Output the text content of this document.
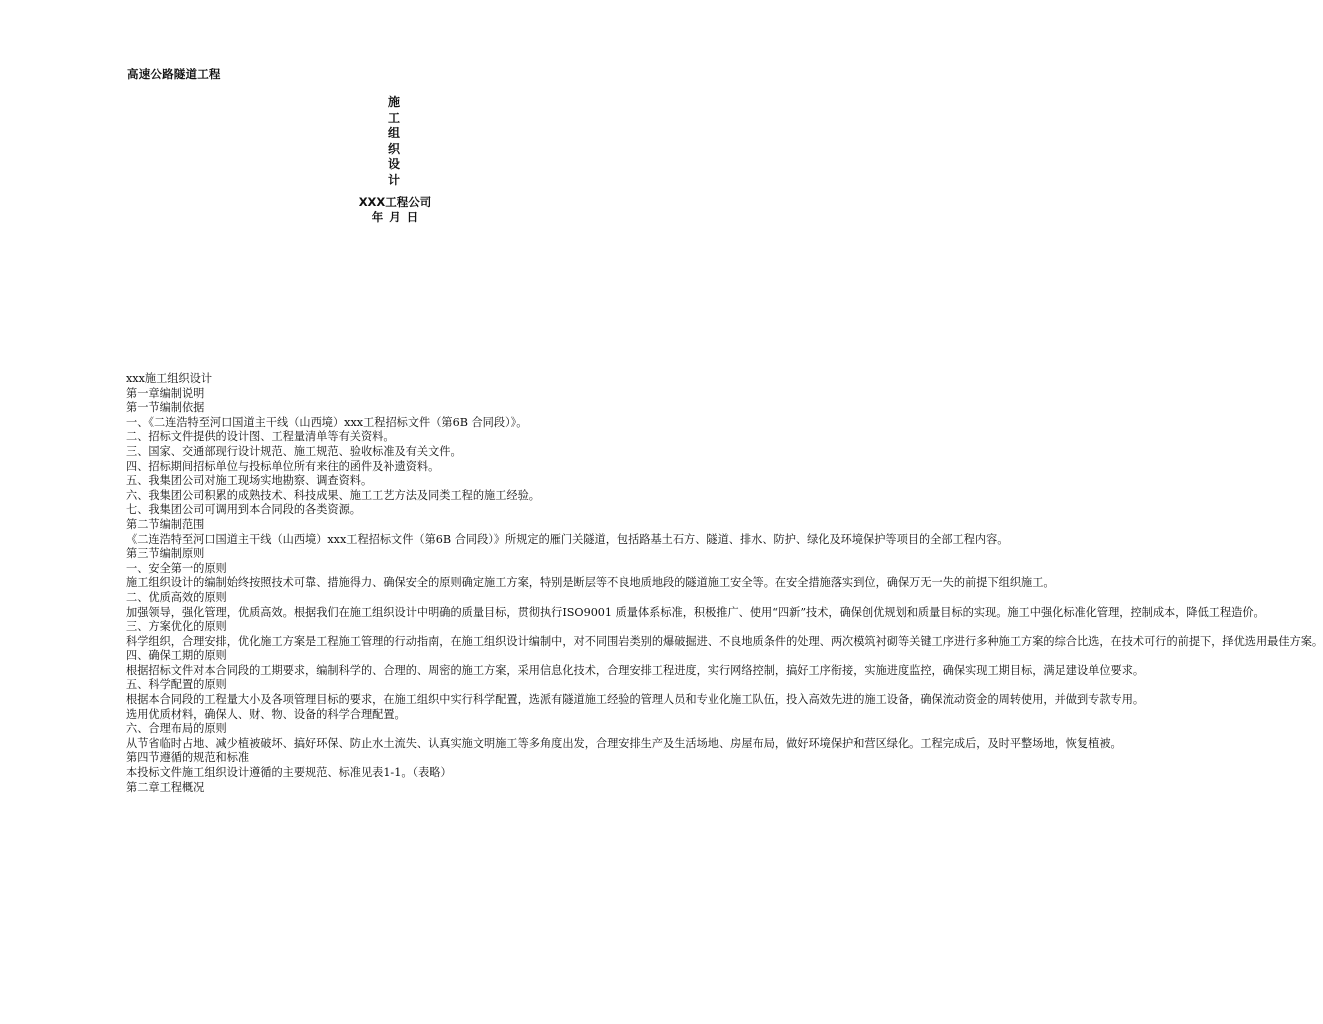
高速公路隧道工程
施
工
组
织
设
计
XXX工程公司
年 月 日

xxx施工组织设计

第一章编制说明

第一节编制依据

一、《二连浩特至河口国道主干线（山西境）xxx工程招标文件（第6B 合同段）》。

二、招标文件提供的设计图、工程量清单等有关资料。

三、国家、交通部现行设计规范、施工规范、验收标准及有关文件。

四、招标期间招标单位与投标单位所有来往的函件及补遗资料。

五、我集团公司对施工现场实地勘察、调查资料。

六、我集团公司积累的成熟技术、科技成果、施工工艺方法及同类工程的施工经验。

七、我集团公司可调用到本合同段的各类资源。

第二节编制范围

《二连浩特至河口国道主干线（山西境）xxx工程招标文件（第6B 合同段）》所规定的雁门关隧道，包括路基土石方、隧道、排水、防护、绿化及环境保护等项目的全部工程内容。

第三节编制原则

一、安全第一的原则

施工组织设计的编制始终按照技术可靠、措施得力、确保安全的原则确定施工方案，特别是断层等不良地质地段的隧道施工安全等。在安全措施落实到位，确保万无一失的前提下组织施工。

二、优质高效的原则

加强领导，强化管理，优质高效。根据我们在施工组织设计中明确的质量目标，贯彻执行ISO9001 质量体系标准，积极推广、使用“四新”技术，确保创优规划和质量目标的实现。施工中强化标准化管理，控制成本，降低工程造价。

三、方案优化的原则

科学组织，合理安排，优化施工方案是工程施工管理的行动指南，在施工组织设计编制中，对不同围岩类别的爆破掘进、不良地质条件的处理、两次模筑衬砌等关键工序进行多种施工方案的综合比选，在技术可行的前提下，择优选用最佳方案。

四、确保工期的原则

根据招标文件对本合同段的工期要求，编制科学的、合理的、周密的施工方案，采用信息化技术，合理安排工程进度，实行网络控制，搞好工序衔接，实施进度监控，确保实现工期目标，满足建设单位要求。

五、科学配置的原则

根据本合同段的工程量大小及各项管理目标的要求，在施工组织中实行科学配置，选派有隧道施工经验的管理人员和专业化施工队伍，投入高效先进的施工设备，确保流动资金的周转使用，并做到专款专用。

选用优质材料，确保人、财、物、设备的科学合理配置。

六、合理布局的原则

从节省临时占地、减少植被破坏、搞好环保、防止水土流失、认真实施文明施工等多角度出发，合理安排生产及生活场地、房屋布局，做好环境保护和营区绿化。工程完成后，及时平整场地，恢复植被。

第四节遵循的规范和标准

本投标文件施工组织设计遵循的主要规范、标准见表1-1。（表略）

第二章工程概况
